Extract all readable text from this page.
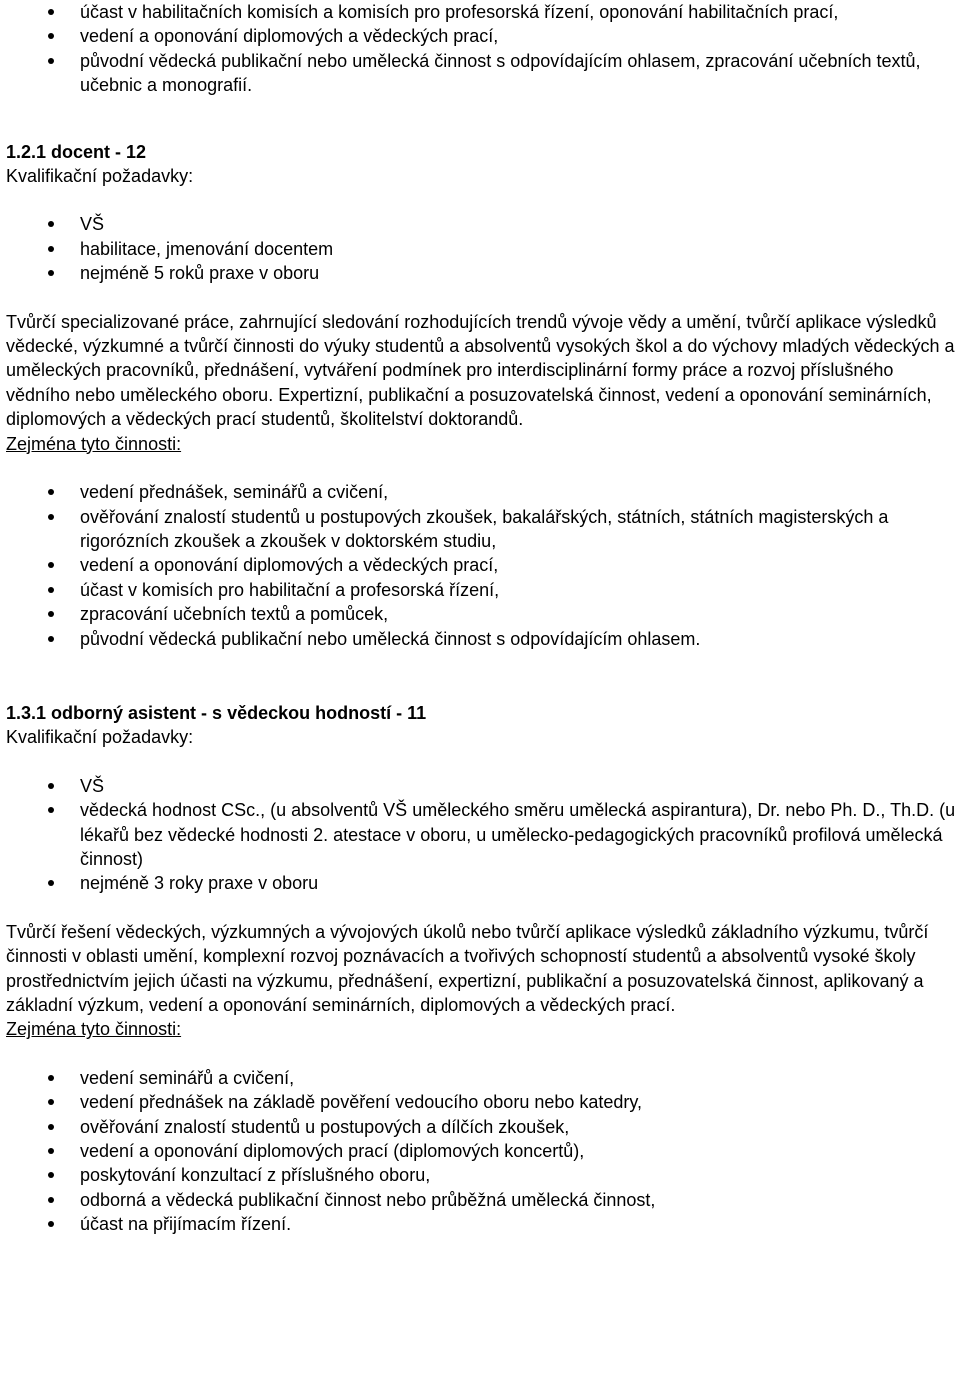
účast v habilitačních komisích a komisích pro profesorská řízení, oponování habilitačních prací,
vedení a oponování diplomových a vědeckých prací,
původní vědecká publikační nebo umělecká činnost s odpovídajícím ohlasem, zpracování učebních textů, učebnic a monografií.
1.2.1 docent - 12
Kvalifikační požadavky:
VŠ
habilitace, jmenování docentem
nejméně 5 roků praxe v oboru

Tvůrčí specializované práce, zahrnující sledování rozhodujících trendů vývoje vědy a umění, tvůrčí aplikace výsledků vědecké, výzkumné a tvůrčí činnosti do výuky studentů a absolventů vysokých škol a do výchovy mladých vědeckých a uměleckých pracovníků, přednášení, vytváření podmínek pro interdisciplinární formy práce a rozvoj příslušného vědního nebo uměleckého oboru. Expertizní, publikační a posuzovatelská činnost, vedení a oponování seminárních, diplomových a vědeckých prací studentů, školitelství doktorandů.

Zejména tyto činnosti:
vedení přednášek, seminářů a cvičení,
ověřování znalostí studentů u postupových zkoušek, bakalářských, státních, státních magisterských a rigorózních zkoušek a zkoušek v doktorském studiu,
vedení a oponování diplomových a vědeckých prací,
účast v komisích pro habilitační a profesorská řízení,
zpracování učebních textů a pomůcek,
původní vědecká publikační nebo umělecká činnost s odpovídajícím ohlasem.
1.3.1 odborný asistent - s vědeckou hodností - 11
Kvalifikační požadavky:
VŠ
vědecká hodnost CSc., (u absolventů VŠ uměleckého směru umělecká aspirantura), Dr. nebo Ph. D., Th.D. (u lékařů bez vědecké hodnosti 2. atestace v oboru, u umělecko-pedagogických pracovníků profilová umělecká činnost)
nejméně 3 roky praxe v oboru

Tvůrčí řešení vědeckých, výzkumných a vývojových úkolů nebo tvůrčí aplikace výsledků základního výzkumu, tvůrčí činnosti v oblasti umění, komplexní rozvoj poznávacích a tvořivých schopností studentů a absolventů vysoké školy prostřednictvím jejich účasti na výzkumu, přednášení, expertizní, publikační a posuzovatelská činnost, aplikovaný a základní výzkum, vedení a oponování seminárních, diplomových a vědeckých prací.

Zejména tyto činnosti:
vedení seminářů a cvičení,
vedení přednášek na základě pověření vedoucího oboru nebo katedry,
ověřování znalostí studentů u postupových a dílčích zkoušek,
vedení a oponování diplomových prací (diplomových koncertů),
poskytování konzultací z příslušného oboru,
odborná a vědecká publikační činnost nebo průběžná umělecká činnost,
účast na přijímacím řízení.
